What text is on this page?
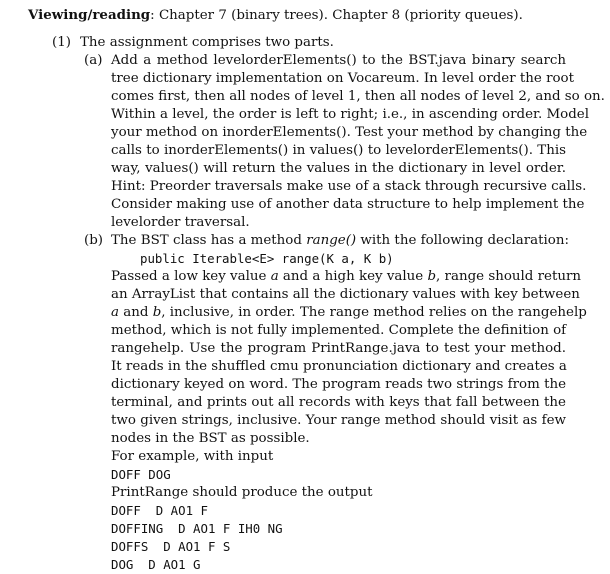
Viewing/reading: Chapter 7 (binary trees). Chapter 8 (priority queues).
(1) The assignment comprises two parts.
(a) Add a method levelorderElements() to the BST.java binary search
tree dictionary implementation on Vocareum. In level order the root
comes first, then all nodes of level 1, then all nodes of level 2, and so on.
Within a level, the order is left to right; i.e., in ascending order. Model
your method on inorderElements(). Test your method by changing the
calls to inorderElements() in values() to levelorderElements(). This
way, values() will return the values in the dictionary in level order.
Hint: Preorder traversals make use of a stack through recursive calls.
Consider making use of another data structure to help implement the
levelorder traversal.
(b) The BST class has a method range() with the following declaration:
public Iterable<E> range(K a, K b)
Passed a low key value a and a high key value b, range should return
an ArrayList that contains all the dictionary values with key between
a and b, inclusive, in order. The range method relies on the rangehelp
method, which is not fully implemented. Complete the definition of
rangehelp. Use the program PrintRange.java to test your method.
It reads in the shuffled cmu pronunciation dictionary and creates a
dictionary keyed on word. The program reads two strings from the
terminal, and prints out all records with keys that fall between the
two given strings, inclusive. Your range method should visit as few
nodes in the BST as possible.
For example, with input
DOFF DOG
PrintRange should produce the output
DOFF  D AO1 F
DOFFING  D AO1 F IH0 NG
DOFFS  D AO1 F S
DOG  D AO1 G
